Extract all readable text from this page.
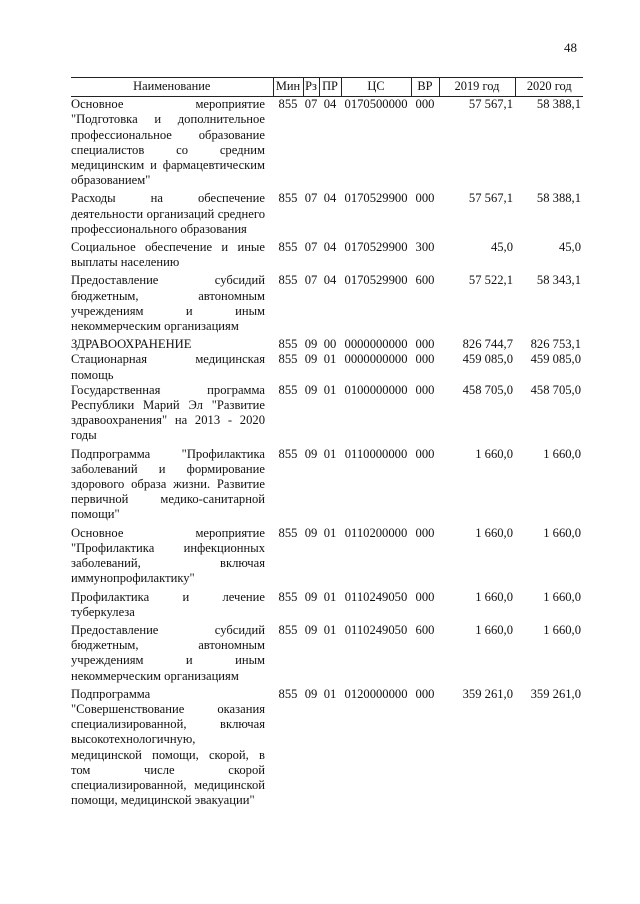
48
Наименование	Мин	Рз	ПР	ЦС	ВР	2019 год	2020 год
Основное мероприятие "Подготовка и дополнительное профессиональное образование специалистов со средним медицинским и фармацевтическим образованием"	855	07	04	0170500000	000	57 567,1	58 388,1
Расходы на обеспечение деятельности организаций среднего профессионального образования	855	07	04	0170529900	000	57 567,1	58 388,1
Социальное обеспечение и иные выплаты населению	855	07	04	0170529900	300	45,0	45,0
Предоставление субсидий бюджетным, автономным учреждениям и иным некоммерческим организациям	855	07	04	0170529900	600	57 522,1	58 343,1
ЗДРАВООХРАНЕНИЕ	855	09	00	0000000000	000	826 744,7	826 753,1
Стационарная медицинская помощь	855	09	01	0000000000	000	459 085,0	459 085,0
Государственная программа Республики Марий Эл "Развитие здравоохранения" на 2013 - 2020 годы	855	09	01	0100000000	000	458 705,0	458 705,0
Подпрограмма "Профилактика заболеваний и формирование здорового образа жизни. Развитие первичной медико-санитарной помощи"	855	09	01	0110000000	000	1 660,0	1 660,0
Основное мероприятие "Профилактика инфекционных заболеваний, включая иммунопрофилактику"	855	09	01	0110200000	000	1 660,0	1 660,0
Профилактика и лечение туберкулеза	855	09	01	0110249050	000	1 660,0	1 660,0
Предоставление субсидий бюджетным, автономным учреждениям и иным некоммерческим организациям	855	09	01	0110249050	600	1 660,0	1 660,0
Подпрограмма "Совершенствование оказания специализированной, включая высокотехнологичную, медицинской помощи, скорой, в том числе скорой специализированной, медицинской помощи, медицинской эвакуации"	855	09	01	0120000000	000	359 261,0	359 261,0
